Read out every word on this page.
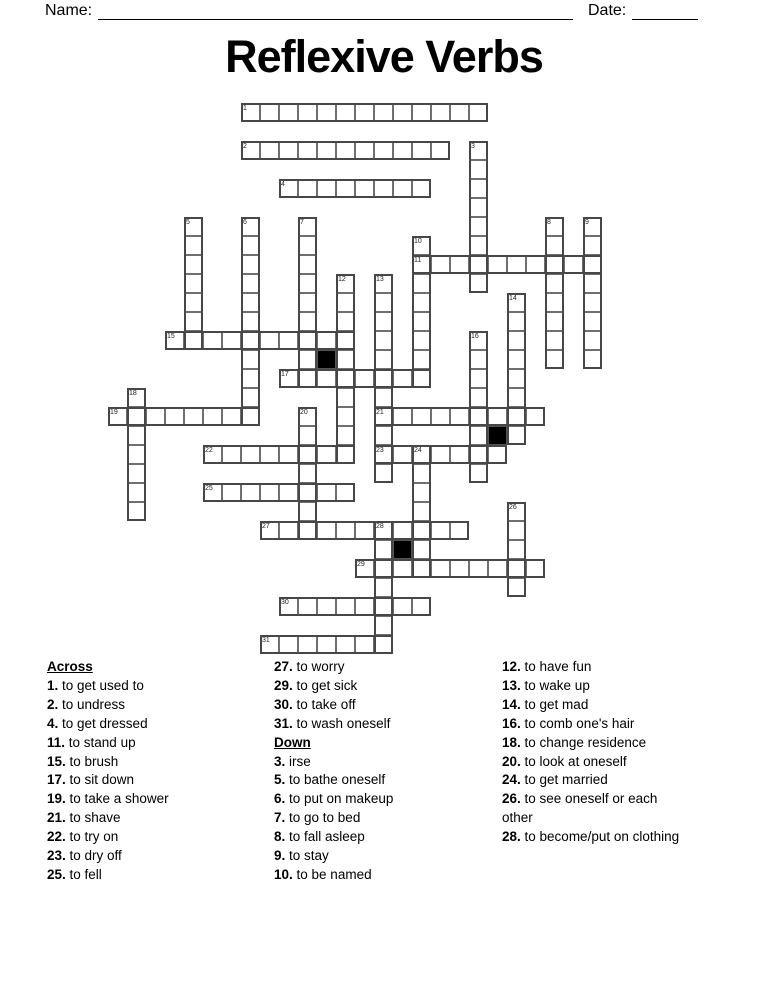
Name:	Date:
Reflexive Verbs
1
2	3
4
5	6	7	8	9
10
11
12	13
14
15	16
17
18
19	20	21
22	23	24
25
26
27	28
29
30
31
Across
1. to get used to
2. to undress
4. to get dressed
11. to stand up
15. to brush
17. to sit down
19. to take a shower
21. to shave
22. to try on
23. to dry off
25. to fell
27. to worry
29. to get sick
30. to take off
31. to wash oneself
Down
3. irse
5. to bathe oneself
6. to put on makeup
7. to go to bed
8. to fall asleep
9. to stay
10. to be named
12. to have fun
13. to wake up
14. to get mad
16. to comb one's hair
18. to change residence
20. to look at oneself
24. to get married
26. to see oneself or each other
28. to become/put on clothing
